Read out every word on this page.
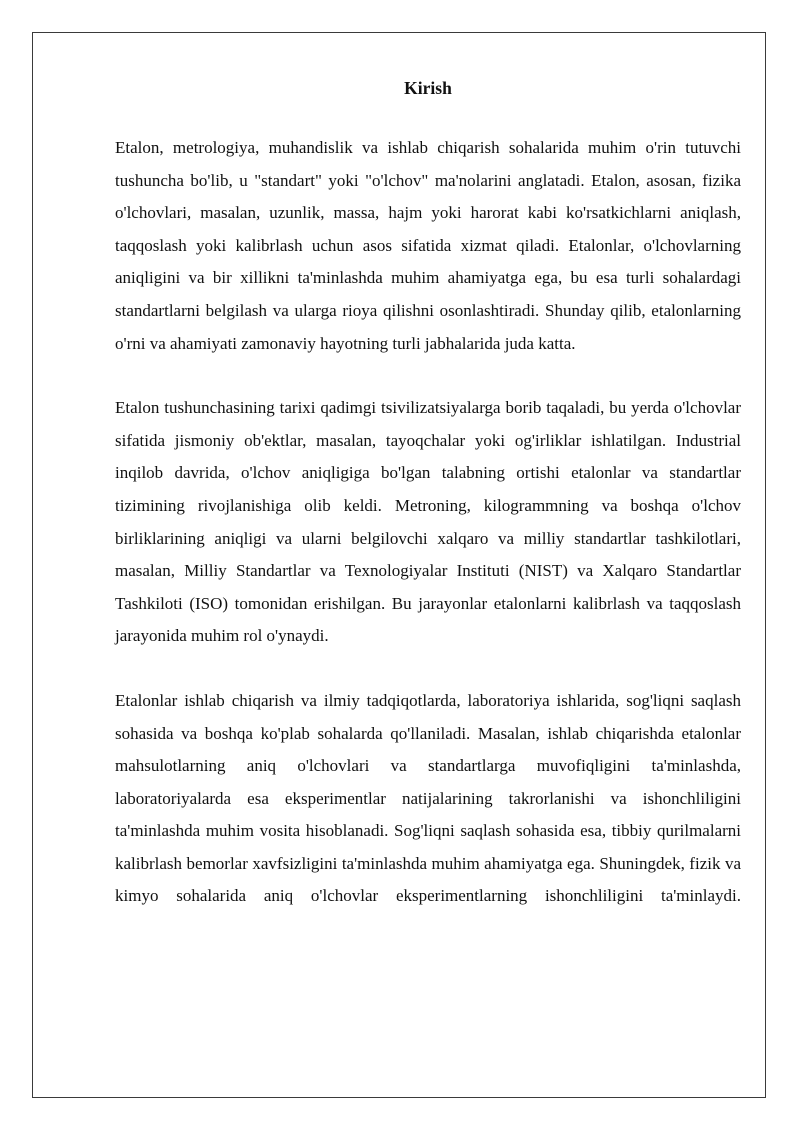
Kirish

Etalon, metrologiya, muhandislik va ishlab chiqarish sohalarida muhim o'rin tutuvchi tushuncha bo'lib, u "standart" yoki "o'lchov" ma'nolarini anglatadi. Etalon, asosan, fizika o'lchovlari, masalan, uzunlik, massa, hajm yoki harorat kabi ko'rsatkichlarni aniqlash, taqqoslash yoki kalibrlash uchun asos sifatida xizmat qiladi. Etalonlar, o'lchovlarning aniqligini va bir xillikni ta'minlashda muhim ahamiyatga ega, bu esa turli sohalardagi standartlarni belgilash va ularga rioya qilishni osonlashtiradi. Shunday qilib, etalonlarning o'rni va ahamiyati zamonaviy hayotning turli jabhalarida juda katta.

Etalon tushunchasining tarixi qadimgi tsivilizatsiyalarga borib taqaladi, bu yerda o'lchovlar sifatida jismoniy ob'ektlar, masalan, tayoqchalar yoki og'irliklar ishlatilgan. Industrial inqilob davrida, o'lchov aniqligiga bo'lgan talabning ortishi etalonlar va standartlar tizimining rivojlanishiga olib keldi. Metroning, kilogrammning va boshqa o'lchov birliklarining aniqligi va ularni belgilovchi xalqaro va milliy standartlar tashkilotlari, masalan, Milliy Standartlar va Texnologiyalar Instituti (NIST) va Xalqaro Standartlar Tashkiloti (ISO) tomonidan erishilgan. Bu jarayonlar etalonlarni kalibrlash va taqqoslash jarayonida muhim rol o'ynaydi.

Etalonlar ishlab chiqarish va ilmiy tadqiqotlarda, laboratoriya ishlarida, sog'liqni saqlash sohasida va boshqa ko'plab sohalarda qo'llaniladi. Masalan, ishlab chiqarishda etalonlar mahsulotlarning aniq o'lchovlari va standartlarga muvofiqligini ta'minlashda, laboratoriyalarda esa eksperimentlar natijalarining takrorlanishi va ishonchliligini ta'minlashda muhim vosita hisoblanadi. Sog'liqni saqlash sohasida esa, tibbiy qurilmalarni kalibrlash bemorlar xavfsizligini ta'minlashda muhim ahamiyatga ega. Shuningdek, fizik va kimyo sohalarida aniq o'lchovlar eksperimentlarning ishonchliligini ta'minlaydi.
